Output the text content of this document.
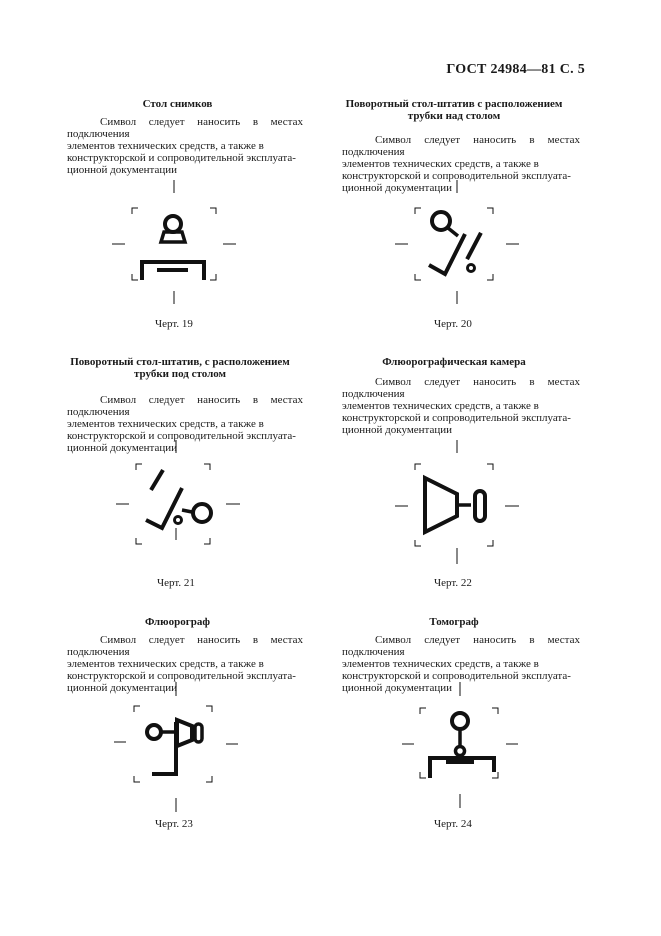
ГОСТ 24984—81 С. 5
Стол снимков
Символ следует наносить в местах подключения
элементов технических средств, а также в
конструкторской и сопроводительной эксплуата-
ционной документации
Черт. 19
Поворотный стол-штатив с расположением трубки над столом
Символ следует наносить в местах подключения
элементов технических средств, а также в
конструкторской и сопроводительной эксплуата-
ционной документации
Черт. 20
Поворотный стол-штатив, с расположением трубки под столом
Символ следует наносить в местах подключения
элементов технических средств, а также в
конструкторской и сопроводительной эксплуата-
ционной документации
Черт. 21
Флюорографическая камера
Символ следует наносить в местах подключения
элементов технических средств, а также в
конструкторской и сопроводительной эксплуата-
ционной документации
Черт. 22
Флюорограф
Символ следует наносить в местах подключения
элементов технических средств, а также в
конструкторской и сопроводительной эксплуата-
ционной документации
Черт. 23
Томограф
Символ следует наносить в местах подключения
элементов технических средств, а также в
конструкторской и сопроводительной эксплуата-
ционной документации
Черт. 24
